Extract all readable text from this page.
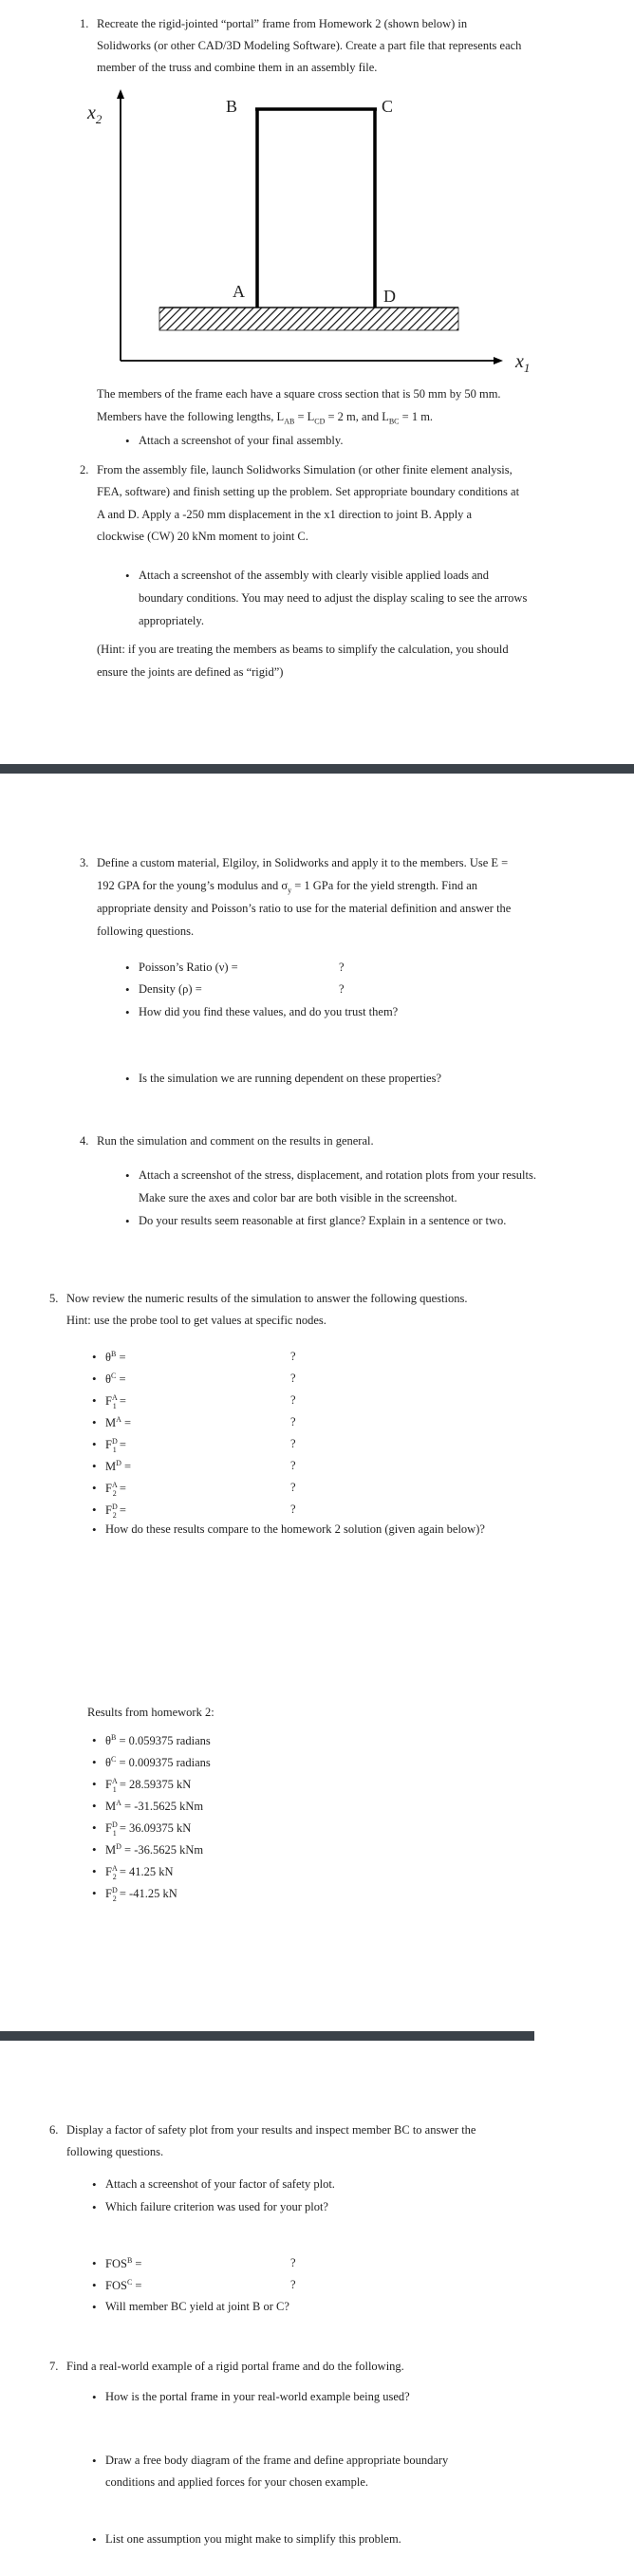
1. Recreate the rigid-jointed “portal” frame from Homework 2 (shown below) in
Solidworks (or other CAD/3D Modeling Software). Create a part file that represents each
member of the truss and combine them in an assembly file.
B	C
A	D
$x_2$
$x_1$
The members of the frame each have a square cross section that is 50 mm by 50 mm.
Members have the following lengths, $L_{AB} = L_{CD} = 2$ m, and $L_{BC} = 1$ m.
• Attach a screenshot of your final assembly.
2. From the assembly file, launch Solidworks Simulation (or other finite element analysis,
FEA, software) and finish setting up the problem. Set appropriate boundary conditions at
A and D. Apply a -250 mm displacement in the x1 direction to joint B. Apply a
clockwise (CW) 20 kNm moment to joint C.
• Attach a screenshot of the assembly with clearly visible applied loads and
boundary conditions. You may need to adjust the display scaling to see the arrows
appropriately.
(Hint: if you are treating the members as beams to simplify the calculation, you should
ensure the joints are defined as “rigid”)
3. Define a custom material, Elgiloy, in Solidworks and apply it to the members. Use E =
192 GPA for the young’s modulus and $\sigma_y = 1$ GPa for the yield strength. Find an
appropriate density and Poisson’s ratio to use for the material definition and answer the
following questions.
• Poisson’s Ratio (ν) =	?
• Density (ρ) =	?
• How did you find these values, and do you trust them?
• Is the simulation we are running dependent on these properties?
4. Run the simulation and comment on the results in general.
• Attach a screenshot of the stress, displacement, and rotation plots from your results.
Make sure the axes and color bar are both visible in the screenshot.
• Do your results seem reasonable at first glance? Explain in a sentence or two.
5. Now review the numeric results of the simulation to answer the following questions.
Hint: use the probe tool to get values at specific nodes.
• $\theta^B$ =	?
• $\theta^C$ =	?
• $F^A_1$ =	?
• $M^A$ =	?
• $F^D_1$ =	?
• $M^D$ =	?
• $F^A_2$ =	?
• $F^D_2$ =	?
• How do these results compare to the homework 2 solution (given again below)?
Results from homework 2:
• $\theta^B = 0.059375$ radians
• $\theta^C = 0.009375$ radians
• $F^A_1 = 28.59375$ kN
• $M^A = -31.5625$ kNm
• $F^D_1 = 36.09375$ kN
• $M^D = -36.5625$ kNm
• $F^A_2 = 41.25$ kN
• $F^D_2 = -41.25$ kN
6. Display a factor of safety plot from your results and inspect member BC to answer the
following questions.
• Attach a screenshot of your factor of safety plot.
• Which failure criterion was used for your plot?
• $FOS^B$ =	?
• $FOS^C$ =	?
• Will member BC yield at joint B or C?
7. Find a real-world example of a rigid portal frame and do the following.
• How is the portal frame in your real-world example being used?
• Draw a free body diagram of the frame and define appropriate boundary
conditions and applied forces for your chosen example.
• List one assumption you might make to simplify this problem.
